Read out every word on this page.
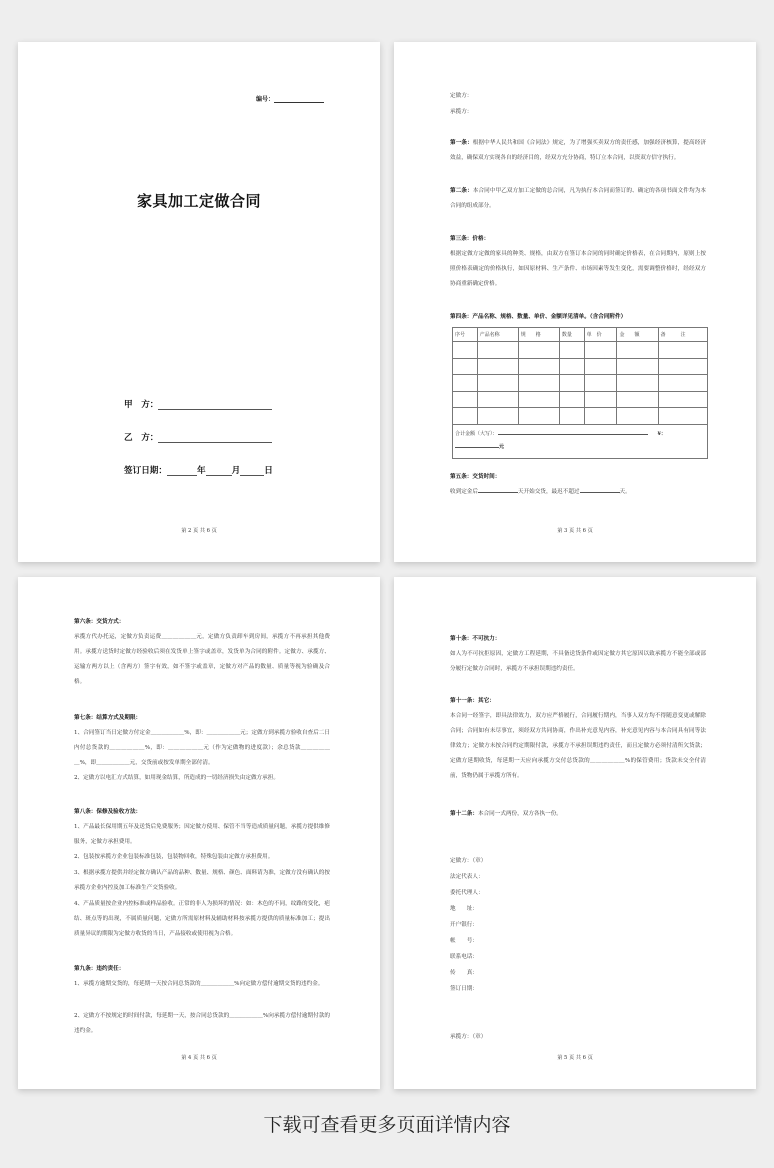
编号：
家具加工定做合同
甲　方：
乙　方：
签订日期：	年	月	日
第 2 页 共 6 页
定做方：
承揽方：
第一条：根据中华人民共和国《合同法》规定，为了增强买卖双方的责任感，加强经济核算，提高经济效益，确保双方实现各自的经济目的，经双方充分协商，特订立本合同，以资双方信守执行。
第二条：本合同中甲乙双方加工定做的总合同，凡为执行本合同而签订的、确定的各项书面文件均为本合同的组成部分。
第三条：价格：
根据定做方定做的家具的种类、规格，由双方在签订本合同的同时确定价格表，在合同期内，原则上按照价格表确定的价格执行，如因原材料、生产条件、市场因素等发生变化，需要调整价格时，经经双方协商重新确定价格。
第四条：产品名称、规格、数量、单价、金额详见清单。（含合同附件）
序号	产品名称	规　　格	数量	单　价	金　　额	备　　　注

合计金额（大写）： ¥：
元						
第五条：交货时间：
收到定金后	天开始交货，最迟不超过	天。
第 3 页 共 6 页
第六条：交货方式：
承揽方代办托运，定做方负责运费＿＿＿＿＿＿元，定做方负责卸车到房间，承揽方不再承担其他费用。承揽方送货时定做方经验收后须在发货单上签字或盖章，发货单为合同的附件。定做方、承揽方、运输方两方以上（含两方）签字有效，如不签字或盖章，定做方对产品的数量、质量等视为验确及合格。
第七条：结算方式及期限：
1、合同签订当日定做方付定金＿＿＿＿＿＿%，即：＿＿＿＿＿＿元；定做方到承揽方验收自查后二日内付总货款的＿＿＿＿＿＿%，即：＿＿＿＿＿＿元（作为定做物的进度款）；余总货款＿＿＿＿＿＿%，即＿＿＿＿＿＿元，交货前或按发单期全部付清。
2、定做方以电汇方式结算，如用现金结算，所造成的一切经济损失由定做方承担。
第八条：保修及验收方法：
1、产品最长保用期五年及送货后免费服务；因定做方使用、保管不当等造成质量问题，承揽方提供维修服务，定做方承担费用。
2、包装按承揽方企业包装标准包装，包装物回收，特殊包装由定做方承担费用。
3、根据承揽方提供并经定做方确认产品的品种、数量、规格、颜色、面料请为准，定做方没有确认的按承揽方企业内控及加工标准生产交货验收。
4、产品质量按企业内控标准或样品验收。正常的非人为损坏的情况：如：木色的不同，纹路的变化，疤结、斑点等的出现，不属质量问题，定做方所需原材料及辅助材料按承揽方提供的质量标准加工；提出质量异议的期限为定做方收货的当日，产品接收或使用视为合格。
第九条：违约责任：
1、承揽方逾期交货的，每延期一天按合同总货款的＿＿＿＿＿＿%向定做方偿付逾期交货的违约金。
2、定做方不按规定的时间付款，每延期一天，按合同总货款的＿＿＿＿＿＿%向承揽方偿付逾期付款的违约金。
第 4 页 共 6 页
第十条：不可抗力：
如人为不可抗拒原因，定做方工程延期，不具备送货条件或因定做方其它原因以致承揽方不能全部或部分履行定做方合同时，承揽方不承担误期违约责任。
第十一条：其它：
本合同一经签字，即具法律效力，双方应严格履行，合同履行期内，当事人双方均不得随意变更或解除合同；合同如有未尽事宜，须经双方共同协商，作出补充意见内容，补充意见内容与本合同具有同等法律效力；定做方未按合同约定期限付款，承揽方不承担误期违约责任，而且定做方必须付清所欠货款；定做方延期收货，每延期一天应向承揽方交付总货款的＿＿＿＿＿＿%的保管费用；货款未交全付清前，货物仍属于承揽方所有。
第十二条：本合同一式两份，双方各执一份。
定做方：（章）
法定代表人：
委托代理人：
地　　址：
开户银行：
帐　　号：
联系电话：
传　　真：
签订日期：
承揽方：（章）
第 5 页 共 6 页
下载可查看更多页面详情内容
